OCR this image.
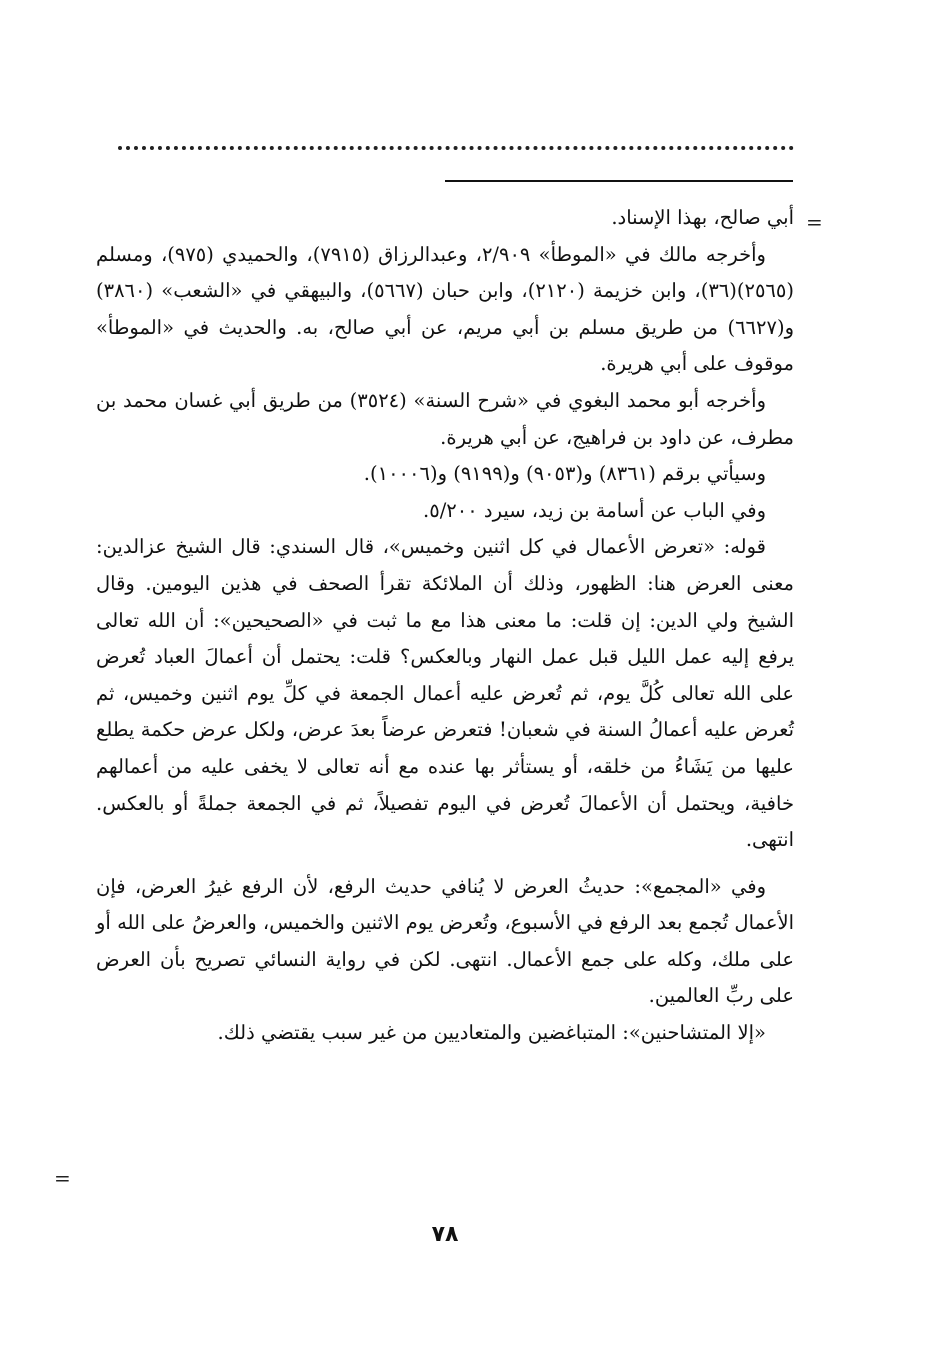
=

أبي صالح، بهذا الإسناد.

وأخرجه مالك في «الموطأ» ٢/٩٠٩، وعبدالرزاق (٧٩١٥)، والحميدي (٩٧٥)، ومسلم (٢٥٦٥)(٣٦)، وابن خزيمة (٢١٢٠)، وابن حبان (٥٦٦٧)، والبيهقي في «الشعب» (٣٨٦٠) و(٦٦٢٧) من طريق مسلم بن أبي مريم، عن أبي صالح، به. والحديث في «الموطأ» موقوف على أبي هريرة.

وأخرجه أبو محمد البغوي في «شرح السنة» (٣٥٢٤) من طريق أبي غسان محمد بن مطرف، عن داود بن فراهيج، عن أبي هريرة.

وسيأتي برقم (٨٣٦١) و(٩٠٥٣) و(٩١٩٩) و(١٠٠٠٦).

وفي الباب عن أسامة بن زيد، سيرد ٥/٢٠٠.

قوله: «تعرض الأعمال في كل اثنين وخميس»، قال السندي: قال الشيخ عزالدين: معنى العرض هنا: الظهور، وذلك أن الملائكة تقرأ الصحف في هذين اليومين. وقال الشيخ ولي الدين: إن قلت: ما معنى هذا مع ما ثبت في «الصحيحين»: أن الله تعالى يرفع إليه عمل الليل قبل عمل النهار وبالعكس؟ قلت: يحتمل أن أعمالَ العباد تُعرض على الله تعالى كُلَّ يوم، ثم تُعرض عليه أعمال الجمعة في كلِّ يوم اثنين وخميس، ثم تُعرض عليه أعمالُ السنة في شعبان! فتعرض عرضاً بعدَ عرض، ولكل عرض حكمة يطلع عليها من يَشَاءُ من خلقه، أو يستأثر بها عنده مع أنه تعالى لا يخفى عليه من أعمالهم خافية، ويحتمل أن الأعمالَ تُعرض في اليوم تفصيلاً، ثم في الجمعة جملةً أو بالعكس. انتهى.

وفي «المجمع»: حديثُ العرض لا يُنافي حديث الرفع، لأن الرفع غيرُ العرض، فإن الأعمال تُجمع بعد الرفع في الأسبوع، وتُعرض يوم الاثنين والخميس، والعرضُ على الله أو على ملك، وكله على جمع الأعمال. انتهى. لكن في رواية النسائي تصريح بأن العرض على ربِّ العالمين.

«إلا المتشاحنين»: المتباغضين والمتعاديين من غير سبب يقتضي ذلك.

=
٧٨
